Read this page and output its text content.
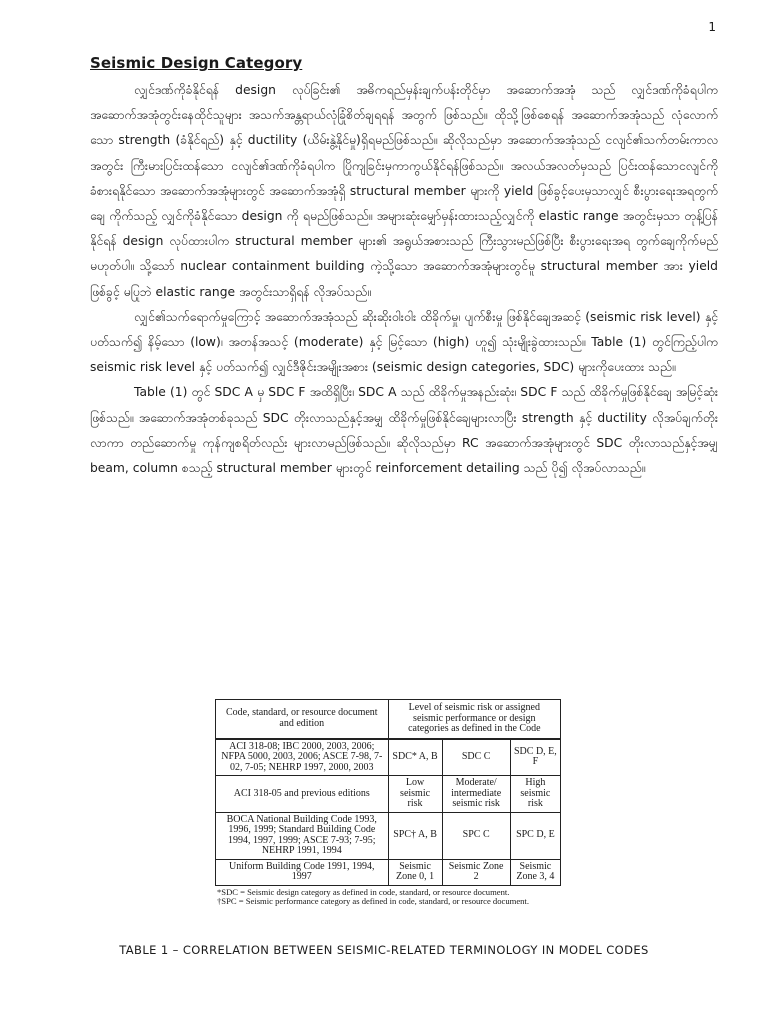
1

Seismic Design Category

လျှင်ဒဏ်ကိုခံနိုင်ရန် design လုပ်ခြင်း၏ အဓိကရည်မှန်းချက်ပန်းတိုင်မှာ အဆောက်အအုံ သည် လျှင်ဒဏ်ကိုခံရပါက အဆောက်အအုံတွင်းနေထိုင်သူများ အသက်အန္တရာယ်လုံခြုံစိတ်ချရရန် အတွက် ဖြစ်သည်။ ထိုသို့ဖြစ်စေရန် အဆောက်အအုံသည် လုံလောက်သော strength (ခံနိုင်ရည်) နှင့် ductility (ယိမ်းနွဲ့နိုင်မှု)ရှိရမည်ဖြစ်သည်။ ဆိုလိုသည်မှာ အဆောက်အအုံသည် ငလျင်၏သက်တမ်းကာလ အတွင်း ကြီးမားပြင်းထန်သော ငလျင်၏ဒဏ်ကိုခံရပါက ပြိုကျခြင်းမှကာကွယ်နိုင်ရန်ဖြစ်သည်။ အလယ်အလတ်မှသည် ပြင်းထန်သောငလျင်ကို ခံစားရနိုင်သော အဆောက်အအုံများတွင် အဆောက်အအုံရှိ structural member များကို yield ဖြစ်ခွင့်ပေးမှသာလျှင် စီးပွားရေးအရတွက်ချေ ကိုက်သည့် လျှင်ကိုခံနိုင်သော design ကို ရမည်ဖြစ်သည်။ အများဆုံးမျှော်မှန်းထားသည့်လျှင်ကို elastic range အတွင်းမှသာ တုန့်ပြန်နိုင်ရန် design လုပ်ထားပါက structural member များ၏ အရွယ်အစားသည် ကြီးသွားမည်ဖြစ်ပြီး စီးပွားရေးအရ တွက်ချေကိုက်မည်မဟုတ်ပါ။ သို့သော် nuclear containment building ကဲ့သို့သော အဆောက်အအုံများတွင်မူ structural member အား yield ဖြစ်ခွင့် မပြုဘဲ elastic range အတွင်းသာရှိရန် လိုအပ်သည်။

လျှင်၏သက်ရောက်မှုကြောင့် အဆောက်အအုံသည် ဆိုးဆိုးဝါးဝါး ထိခိုက်မှု၊ ပျက်စီးမှု ဖြစ်နိုင်ချေအဆင့် (seismic risk level) နှင့်ပတ်သက်၍ နိမ့်သော (low)၊ အတန်အသင့် (moderate) နှင့် မြင့်သော (high) ဟူ၍ သုံးမျိုးခွဲထားသည်။ Table (1) တွင်ကြည့်ပါက seismic risk level နှင့် ပတ်သက်၍ လျှင်ဒီဇိုင်းအမျိုးအစား (seismic design categories, SDC) များကိုပေးထား သည်။

Table (1) တွင် SDC A မှ SDC F အထိရှိပြီး၊ SDC A သည် ထိခိုက်မှုအနည်းဆုံး၊ SDC F သည် ထိခိုက်မှုဖြစ်နိုင်ချေ အမြင့်ဆုံးဖြစ်သည်။ အဆောက်အအုံတစ်ခုသည် SDC တိုးလာသည်နှင့်အမျှ ထိခိုက်မှုဖြစ်နိုင်ချေများလာပြီး strength နှင့် ductility လိုအပ်ချက်တိုးလာကာ တည်ဆောက်မှု ကုန်ကျစရိတ်လည်း များလာမည်ဖြစ်သည်။ ဆိုလိုသည်မှာ RC အဆောက်အအုံများတွင် SDC တိုးလာသည်နှင့်အမျှ beam, column စသည့် structural member များတွင် reinforcement detailing သည် ပို၍ လိုအပ်လာသည်။

Code, standard, or resource document and edition	Level of seismic risk or assigned seismic performance or design categories as defined in the Code		
ACI 318-08; IBC 2000, 2003, 2006; NFPA 5000, 2003, 2006; ASCE 7-98, 7-02, 7-05; NEHRP 1997, 2000, 2003	SDC* A, B	SDC C	SDC D, E, F
ACI 318-05 and previous editions	Low seismic risk	Moderate/ intermediate seismic risk	High seismic risk
BOCA National Building Code 1993, 1996, 1999; Standard Building Code 1994, 1997, 1999; ASCE 7-93; 7-95; NEHRP 1991, 1994	SPC† A, B	SPC C	SPC D, E
Uniform Building Code 1991, 1994, 1997	Seismic Zone 0, 1	Seismic Zone 2	Seismic Zone 3, 4
*SDC = Seismic design category as defined in code, standard, or resource document.
†SPC = Seismic performance category as defined in code, standard, or resource document.
TABLE 1 – CORRELATION BETWEEN SEISMIC-RELATED TERMINOLOGY IN MODEL CODES
